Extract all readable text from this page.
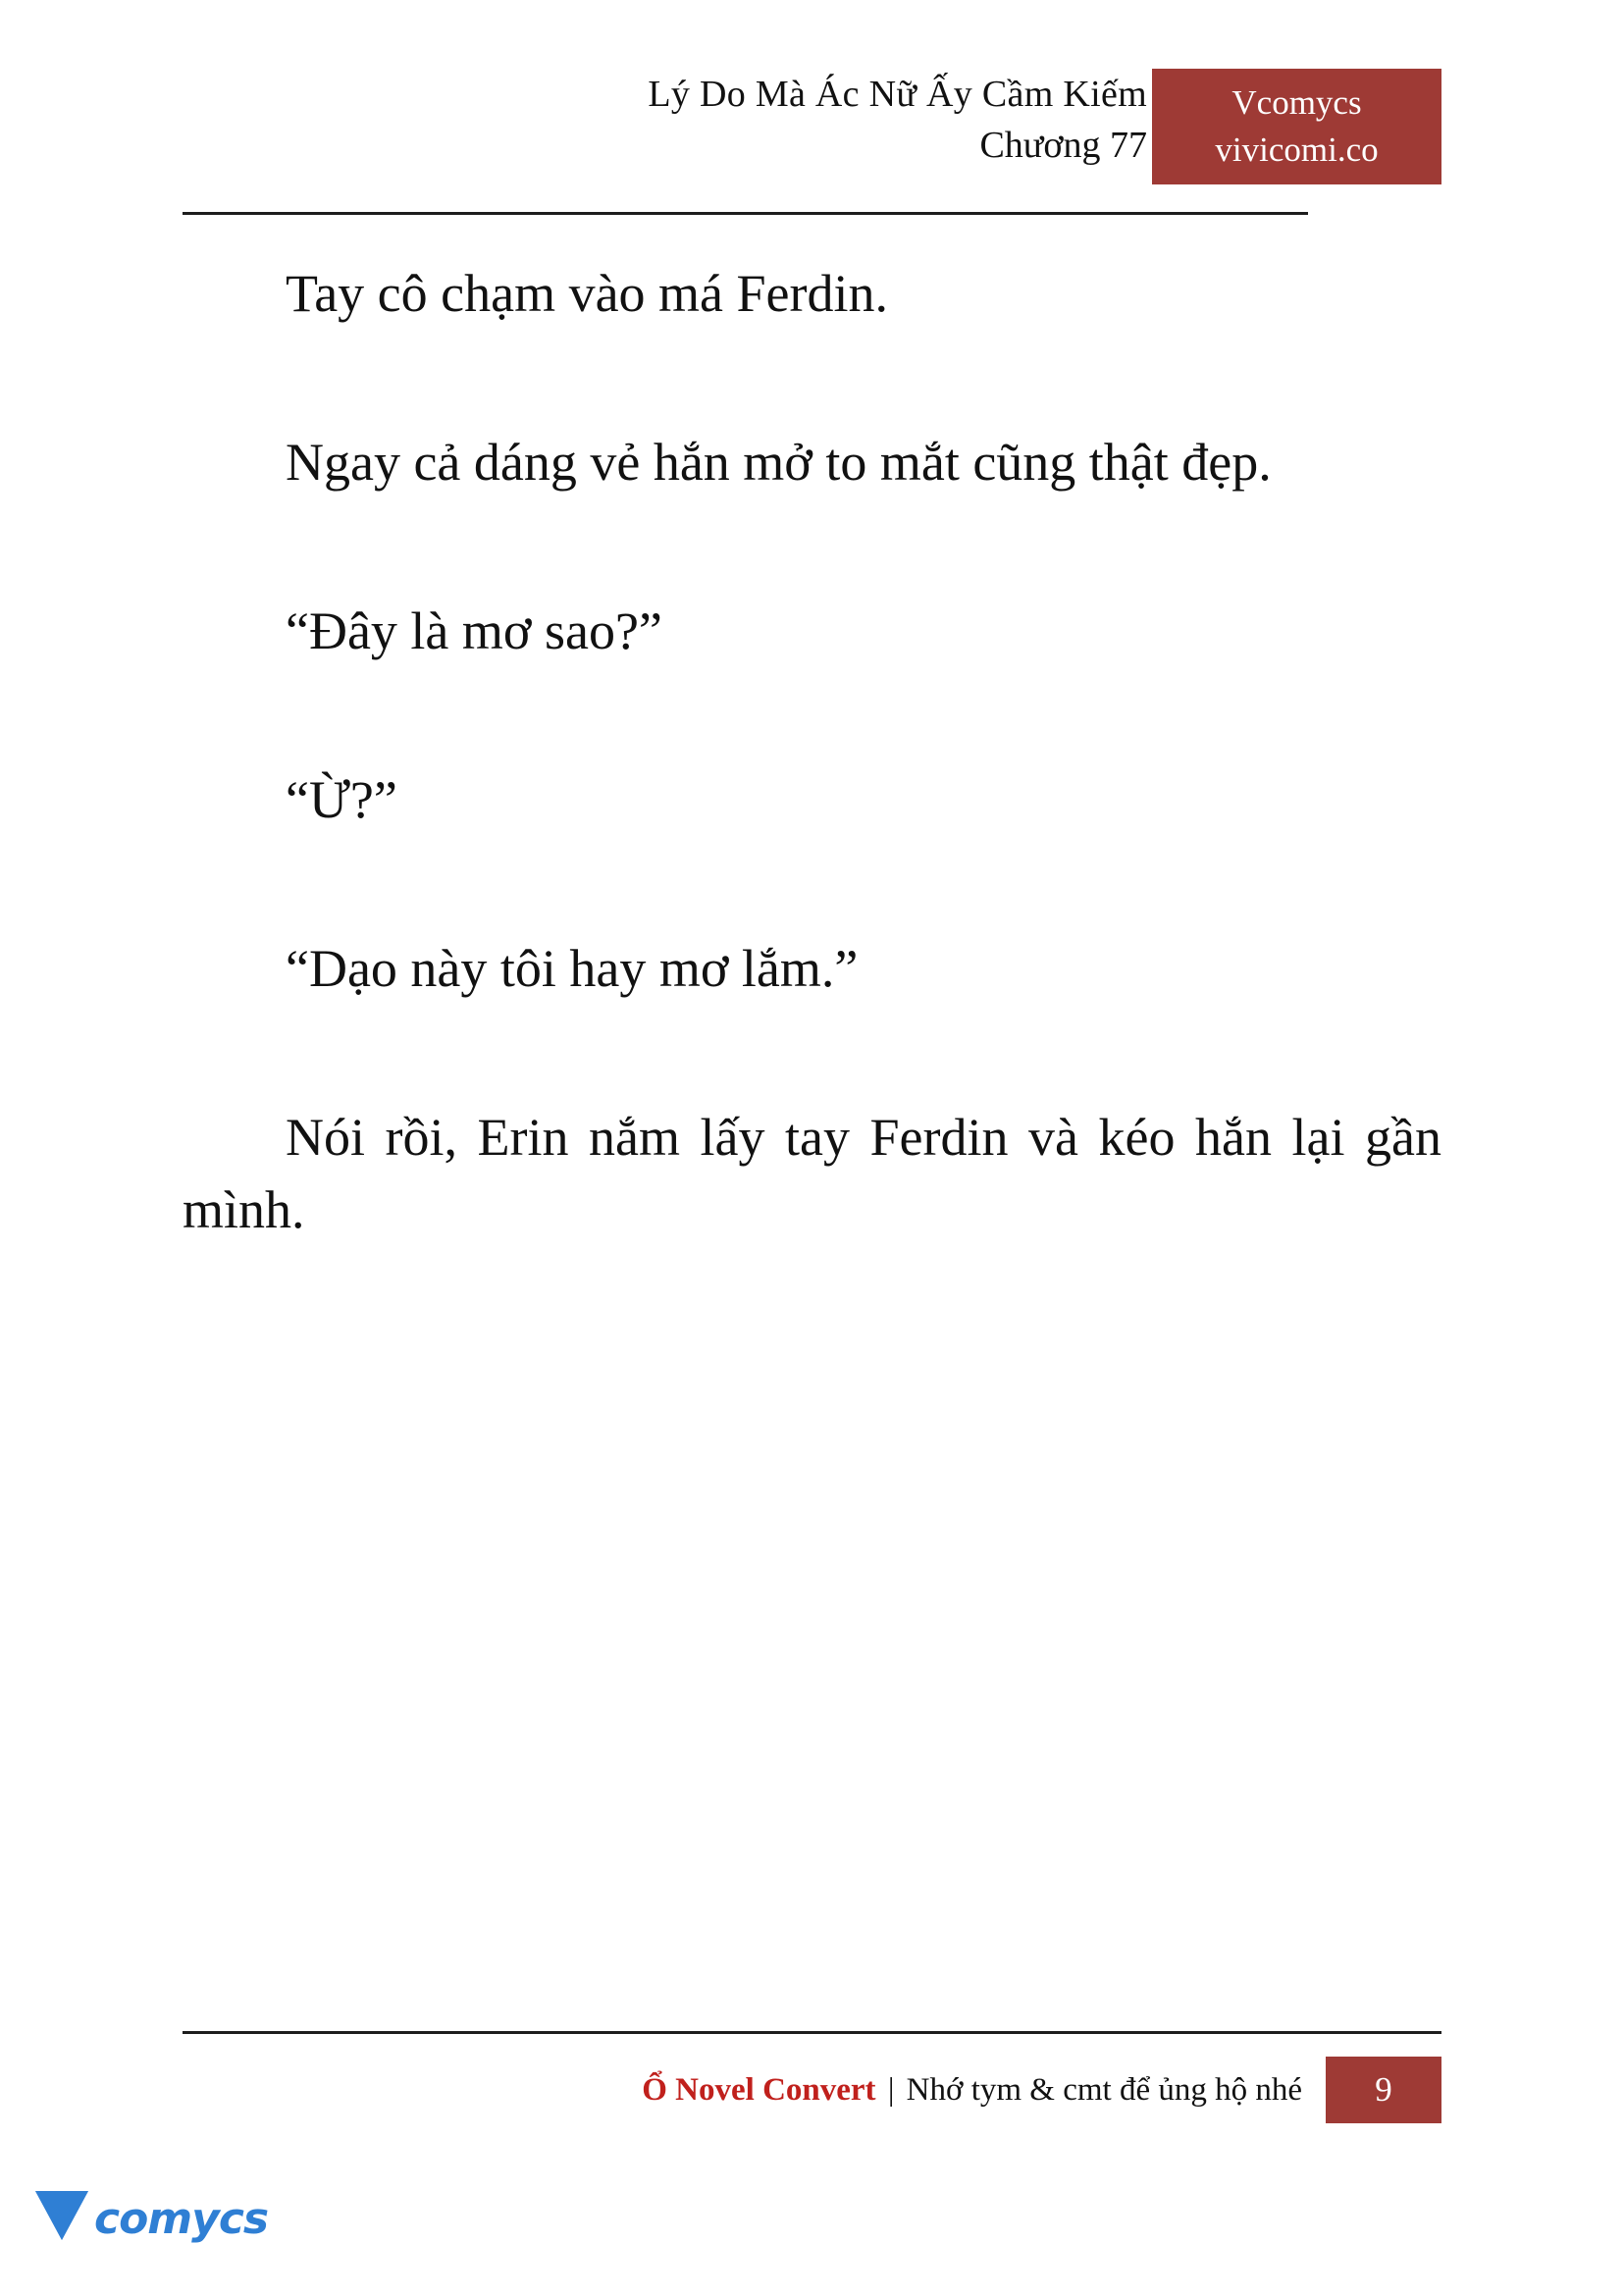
Lý Do Mà Ác Nữ Ấy Cầm Kiếm
Chương 77
Vcomycs
vivicomi.co

Tay cô chạm vào má Ferdin.

Ngay cả dáng vẻ hắn mở to mắt cũng thật đẹp.

“Đây là mơ sao?”

“Ừ?”

“Dạo này tôi hay mơ lắm.”

Nói rồi, Erin nắm lấy tay Ferdin và kéo hắn lại gần mình.

Ổ Novel Convert | Nhớ tym & cmt để ủng hộ nhé	9
comycs
